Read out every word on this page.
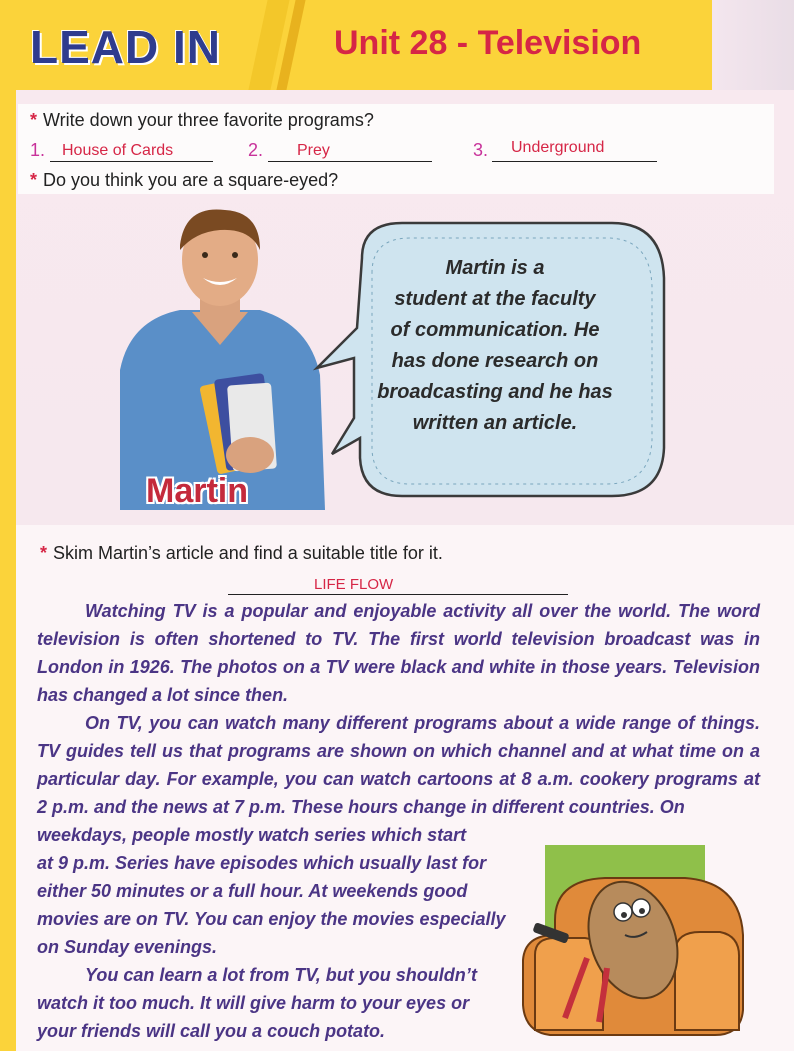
LEAD IN	Unit 28 - Television
* Write down your three favorite programs?
1. House of Cards	2. Prey	3. Underground
* Do you think you are a square-eyed?
Martin
Martin is a
student at the faculty
of communication. He
has done research on
broadcasting and he has
written an article.
* Skim Martin’s article and find a suitable title for it.
LIFE FLOW

Watching TV is a popular and enjoyable activity all over the world. The word television is often shortened to TV. The first world television broadcast was in London in 1926. The photos on a TV were black and white in those years. Television has changed a lot since then.

On TV, you can watch many different programs about a wide range of things. TV guides tell us that programs are shown on which channel and at what time on a particular day. For example, you can watch cartoons at 8 a.m. cookery programs at 2 p.m. and the news at 7 p.m. These hours change in different countries. On

weekdays, people mostly watch series which start
at 9 p.m. Series have episodes which usually last for
either 50 minutes or a full hour. At weekends good
movies are on TV. You can enjoy the movies especially
on Sunday evenings.
You can learn a lot from TV, but you shouldn’t
watch it too much. It will give harm to your eyes or
your friends will call you a couch potato.
